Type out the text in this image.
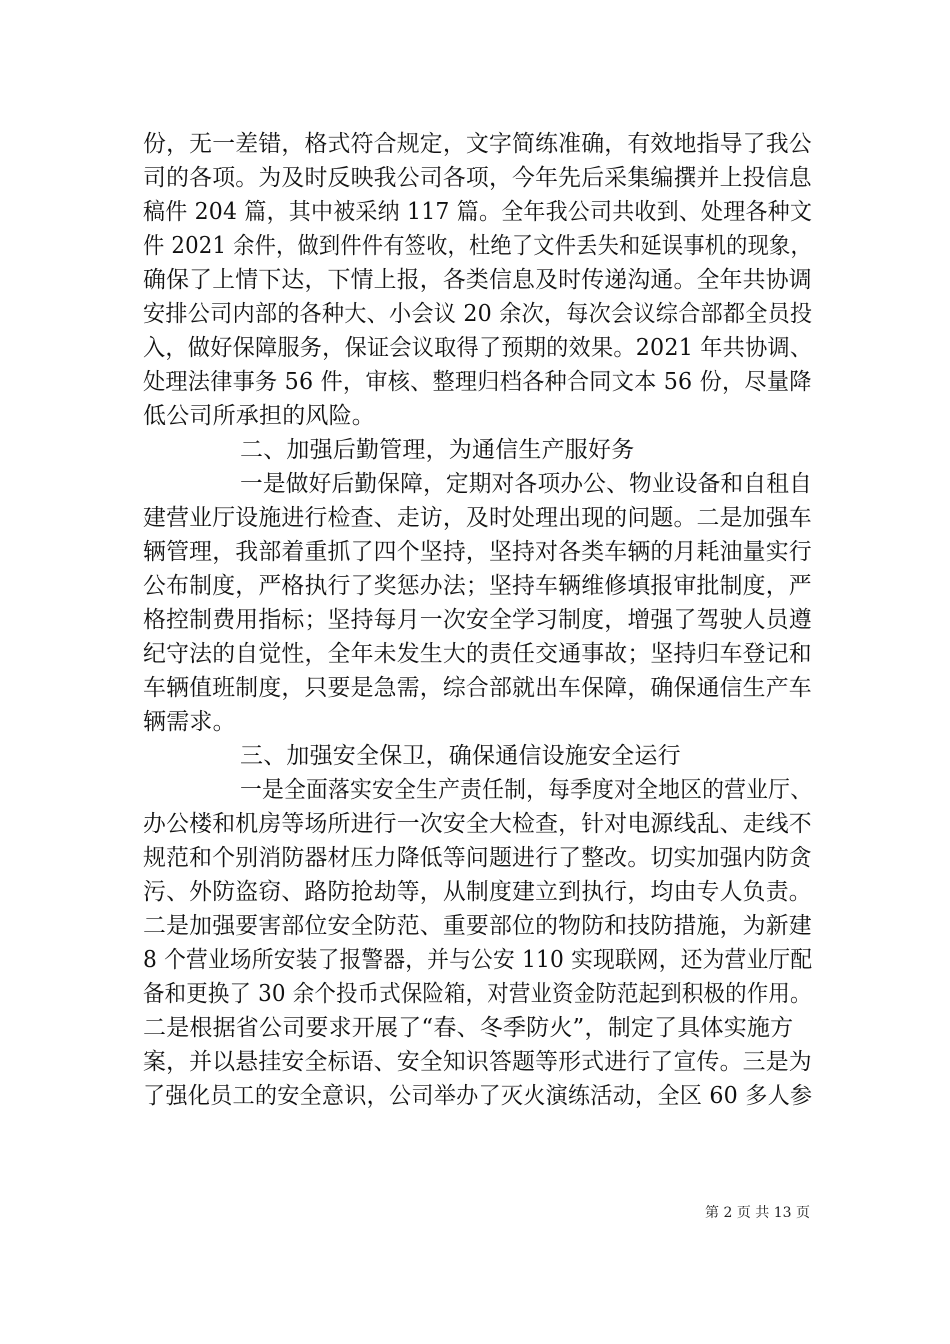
份，无一差错，格式符合规定，文字简练准确，有效地指导了我公
司的各项。为及时反映我公司各项，今年先后采集编撰并上投信息
稿件 204 篇，其中被采纳 117 篇。全年我公司共收到、处理各种文
件 2021 余件，做到件件有签收，杜绝了文件丢失和延误事机的现象，
确保了上情下达，下情上报，各类信息及时传递沟通。全年共协调
安排公司内部的各种大、小会议 20 余次，每次会议综合部都全员投
入，做好保障服务，保证会议取得了预期的效果。2021 年共协调、
处理法律事务 56 件，审核、整理归档各种合同文本 56 份，尽量降
低公司所承担的风险。
二、加强后勤管理，为通信生产服好务
一是做好后勤保障，定期对各项办公、物业设备和自租自
建营业厅设施进行检查、走访，及时处理出现的问题。二是加强车
辆管理，我部着重抓了四个坚持，坚持对各类车辆的月耗油量实行
公布制度，严格执行了奖惩办法；坚持车辆维修填报审批制度，严
格控制费用指标；坚持每月一次安全学习制度，增强了驾驶人员遵
纪守法的自觉性，全年未发生大的责任交通事故；坚持归车登记和
车辆值班制度，只要是急需，综合部就出车保障，确保通信生产车
辆需求。
三、加强安全保卫，确保通信设施安全运行
一是全面落实安全生产责任制，每季度对全地区的营业厅、
办公楼和机房等场所进行一次安全大检查，针对电源线乱、走线不
规范和个别消防器材压力降低等问题进行了整改。切实加强内防贪
污、外防盗窃、路防抢劫等，从制度建立到执行，均由专人负责。
二是加强要害部位安全防范、重要部位的物防和技防措施，为新建
8 个营业场所安装了报警器，并与公安 110 实现联网，还为营业厅配
备和更换了 30 余个投币式保险箱，对营业资金防范起到积极的作用。
二是根据省公司要求开展了“春、冬季防火”，制定了具体实施方
案，并以悬挂安全标语、安全知识答题等形式进行了宣传。三是为
了强化员工的安全意识，公司举办了灭火演练活动，全区 60 多人参
第 2 页 共 13 页
